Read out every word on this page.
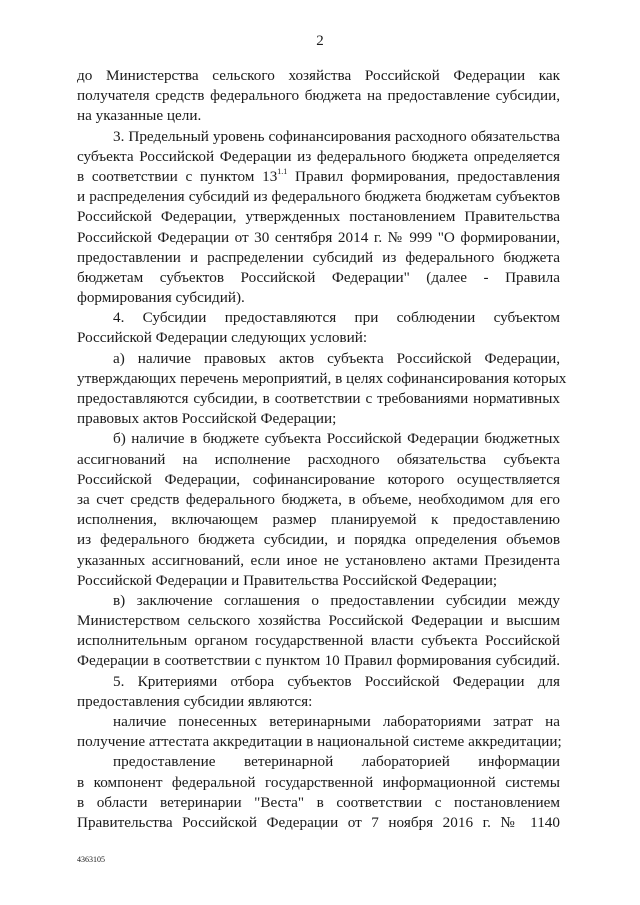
2
до Министерства сельского хозяйства Российской Федерации как
получателя средств федерального бюджета на предоставление субсидии,
на указанные цели.
3. Предельный уровень софинансирования расходного обязательства
субъекта Российской Федерации из федерального бюджета определяется
в соответствии с пунктом $13^{1.1}$ Правил формирования, предоставления
и распределения субсидий из федерального бюджета бюджетам субъектов
Российской Федерации, утвержденных постановлением Правительства
Российской Федерации от 30 сентября 2014 г. № 999 "О формировании,
предоставлении и распределении субсидий из федерального бюджета
бюджетам субъектов Российской Федерации" (далее - Правила
формирования субсидий).
4. Субсидии предоставляются при соблюдении субъектом
Российской Федерации следующих условий:
а) наличие правовых актов субъекта Российской Федерации,
утверждающих перечень мероприятий, в целях софинансирования которых
предоставляются субсидии, в соответствии с требованиями нормативных
правовых актов Российской Федерации;
б) наличие в бюджете субъекта Российской Федерации бюджетных
ассигнований на исполнение расходного обязательства субъекта
Российской Федерации, софинансирование которого осуществляется
за счет средств федерального бюджета, в объеме, необходимом для его
исполнения, включающем размер планируемой к предоставлению
из федерального бюджета субсидии, и порядка определения объемов
указанных ассигнований, если иное не установлено актами Президента
Российской Федерации и Правительства Российской Федерации;
в) заключение соглашения о предоставлении субсидии между
Министерством сельского хозяйства Российской Федерации и высшим
исполнительным органом государственной власти субъекта Российской
Федерации в соответствии с пунктом 10 Правил формирования субсидий.
5. Критериями отбора субъектов Российской Федерации для
предоставления субсидии являются:
наличие понесенных ветеринарными лабораториями затрат на
получение аттестата аккредитации в национальной системе аккредитации;
предоставление ветеринарной лабораторией информации
в компонент федеральной государственной информационной системы
в области ветеринарии "Веста" в соответствии с постановлением
Правительства Российской Федерации от 7 ноября 2016 г. № 1140
4363105
